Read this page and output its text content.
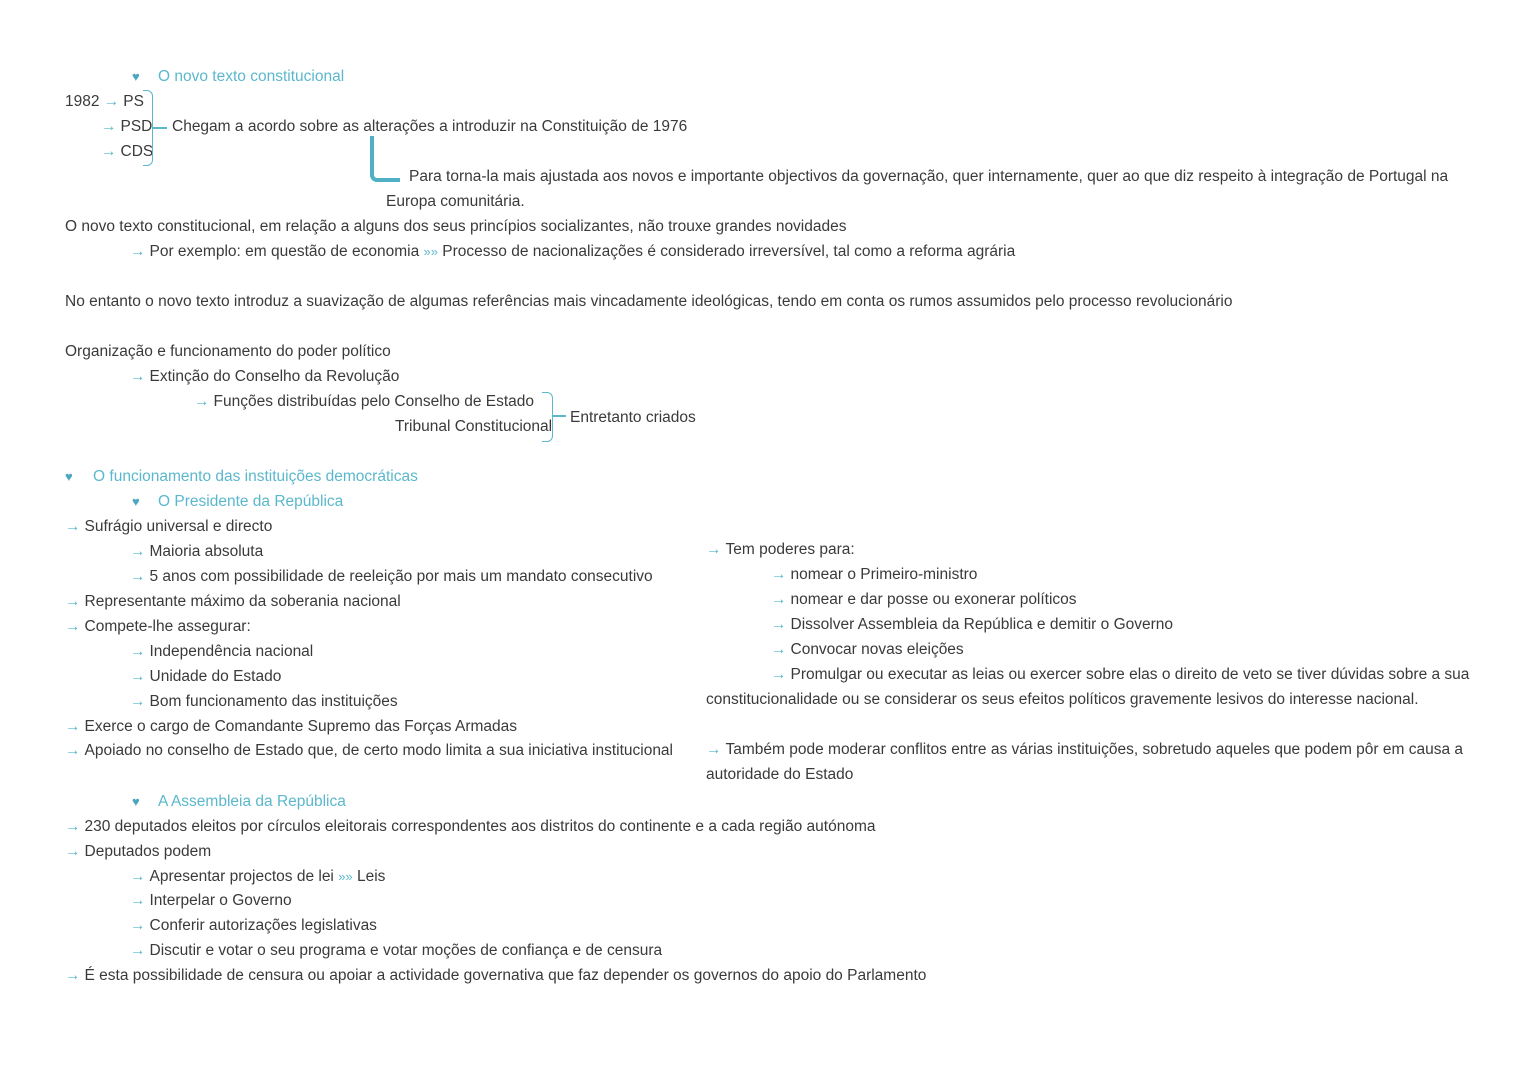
♥ O novo texto constitucional
1982 → PS
→ PSD
→ CDS
Chegam a acordo sobre as alterações a introduzir na Constituição de 1976
Para torna-la mais ajustada aos novos e importante objectivos da governação, quer internamente, quer ao que diz respeito à integração de Portugal na
Europa comunitária.
O novo texto constitucional, em relação a alguns dos seus princípios socializantes, não trouxe grandes novidades
→ Por exemplo: em questão de economia »» Processo de nacionalizações é considerado irreversível, tal como a reforma agrária
No entanto o novo texto introduz a suavização de algumas referências mais vincadamente ideológicas, tendo em conta os rumos assumidos pelo processo revolucionário
Organização e funcionamento do poder político
→ Extinção do Conselho da Revolução
→ Funções distribuídas pelo Conselho de Estado
Tribunal Constitucional
Entretanto criados
♥ O funcionamento das instituições democráticas
♥ O Presidente da República
→ Sufrágio universal e directo
→ Maioria absoluta
→ 5 anos com possibilidade de reeleição por mais um mandato consecutivo
→ Representante máximo da soberania nacional
→ Compete-lhe assegurar:
→ Independência nacional
→ Unidade do Estado
→ Bom funcionamento das instituições
→ Exerce o cargo de Comandante Supremo das Forças Armadas
→ Apoiado no conselho de Estado que, de certo modo limita a sua iniciativa institucional
→ Tem poderes para:
→ nomear o Primeiro-ministro
→ nomear e dar posse ou exonerar políticos
→ Dissolver Assembleia da República e demitir o Governo
→ Convocar novas eleições
→ Promulgar ou executar as leias ou exercer sobre elas o direito de veto se tiver dúvidas sobre a sua
constitucionalidade ou se considerar os seus efeitos políticos gravemente lesivos do interesse nacional.
→ Também pode moderar conflitos entre as várias instituições, sobretudo aqueles que podem pôr em causa a
autoridade do Estado
♥ A Assembleia da República
→ 230 deputados eleitos por círculos eleitorais correspondentes aos distritos do continente e a cada região autónoma
→ Deputados podem
→ Apresentar projectos de lei »» Leis
→ Interpelar o Governo
→ Conferir autorizações legislativas
→ Discutir e votar o seu programa e votar moções de confiança e de censura
→ É esta possibilidade de censura ou apoiar a actividade governativa que faz depender os governos do apoio do Parlamento
